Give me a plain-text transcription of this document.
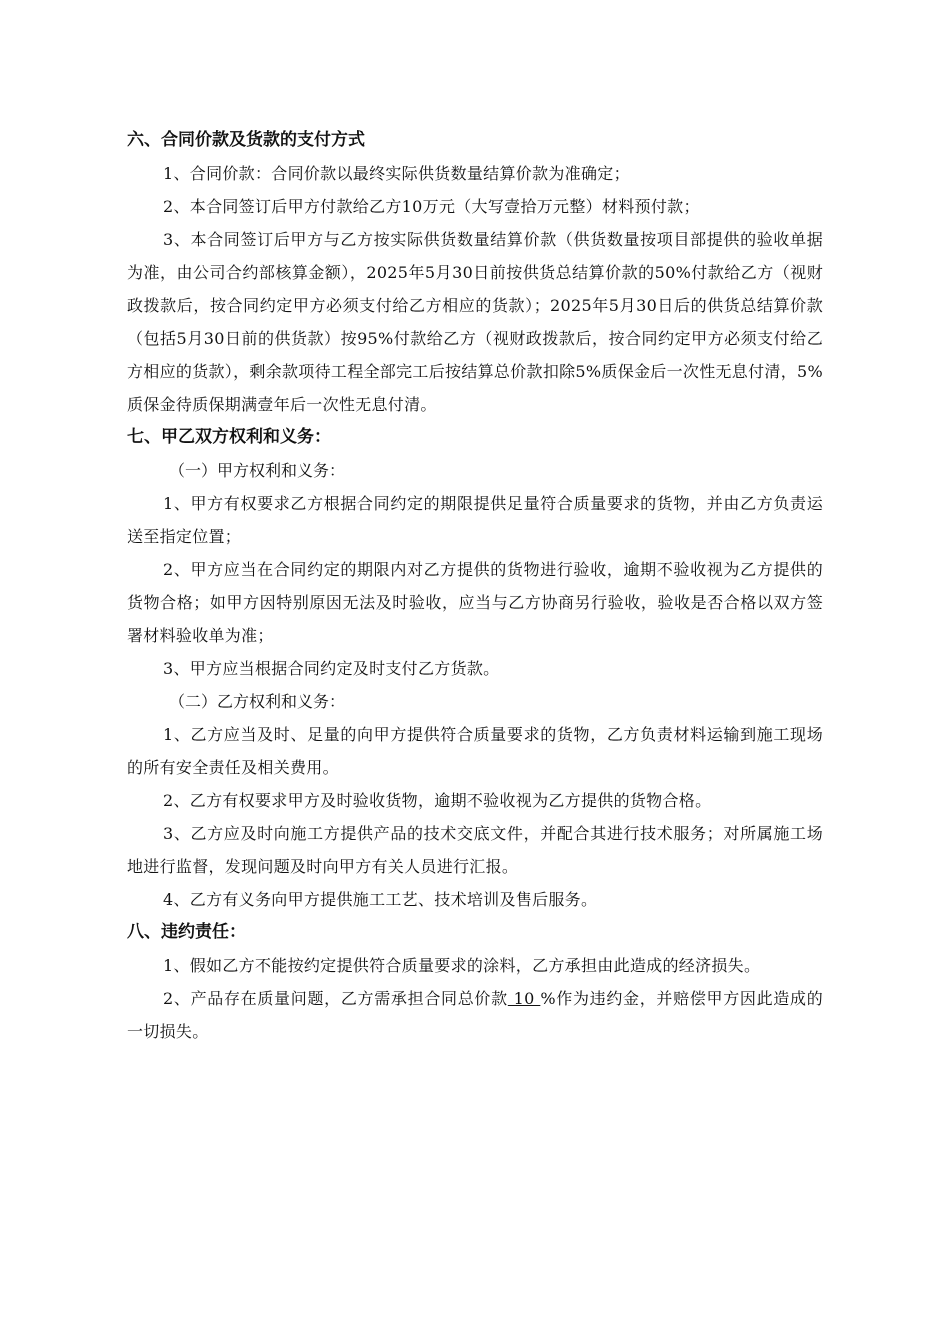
六、合同价款及货款的支付方式

1、合同价款：合同价款以最终实际供货数量结算价款为准确定；

2、本合同签订后甲方付款给乙方10万元（大写壹拾万元整）材料预付款；

3、本合同签订后甲方与乙方按实际供货数量结算价款（供货数量按项目部提供的验收单据为准，由公司合约部核算金额），2025年5月30日前按供货总结算价款的50%付款给乙方（视财政拨款后，按合同约定甲方必须支付给乙方相应的货款）；2025年5月30日后的供货总结算价款（包括5月30日前的供货款）按95%付款给乙方（视财政拨款后，按合同约定甲方必须支付给乙方相应的货款），剩余款项待工程全部完工后按结算总价款扣除5%质保金后一次性无息付清，5%质保金待质保期满壹年后一次性无息付清。

七、甲乙双方权利和义务：

（一）甲方权利和义务：

1、甲方有权要求乙方根据合同约定的期限提供足量符合质量要求的货物，并由乙方负责运送至指定位置；

2、甲方应当在合同约定的期限内对乙方提供的货物进行验收，逾期不验收视为乙方提供的货物合格；如甲方因特别原因无法及时验收，应当与乙方协商另行验收，验收是否合格以双方签署材料验收单为准；

3、甲方应当根据合同约定及时支付乙方货款。

（二）乙方权利和义务：

1、乙方应当及时、足量的向甲方提供符合质量要求的货物，乙方负责材料运输到施工现场的所有安全责任及相关费用。

2、乙方有权要求甲方及时验收货物，逾期不验收视为乙方提供的货物合格。

3、乙方应及时向施工方提供产品的技术交底文件，并配合其进行技术服务；对所属施工场地进行监督，发现问题及时向甲方有关人员进行汇报。

4、乙方有义务向甲方提供施工工艺、技术培训及售后服务。

八、违约责任：

1、假如乙方不能按约定提供符合质量要求的涂料，乙方承担由此造成的经济损失。

2、产品存在质量问题，乙方需承担合同总价款 10 %作为违约金，并赔偿甲方因此造成的一切损失。
